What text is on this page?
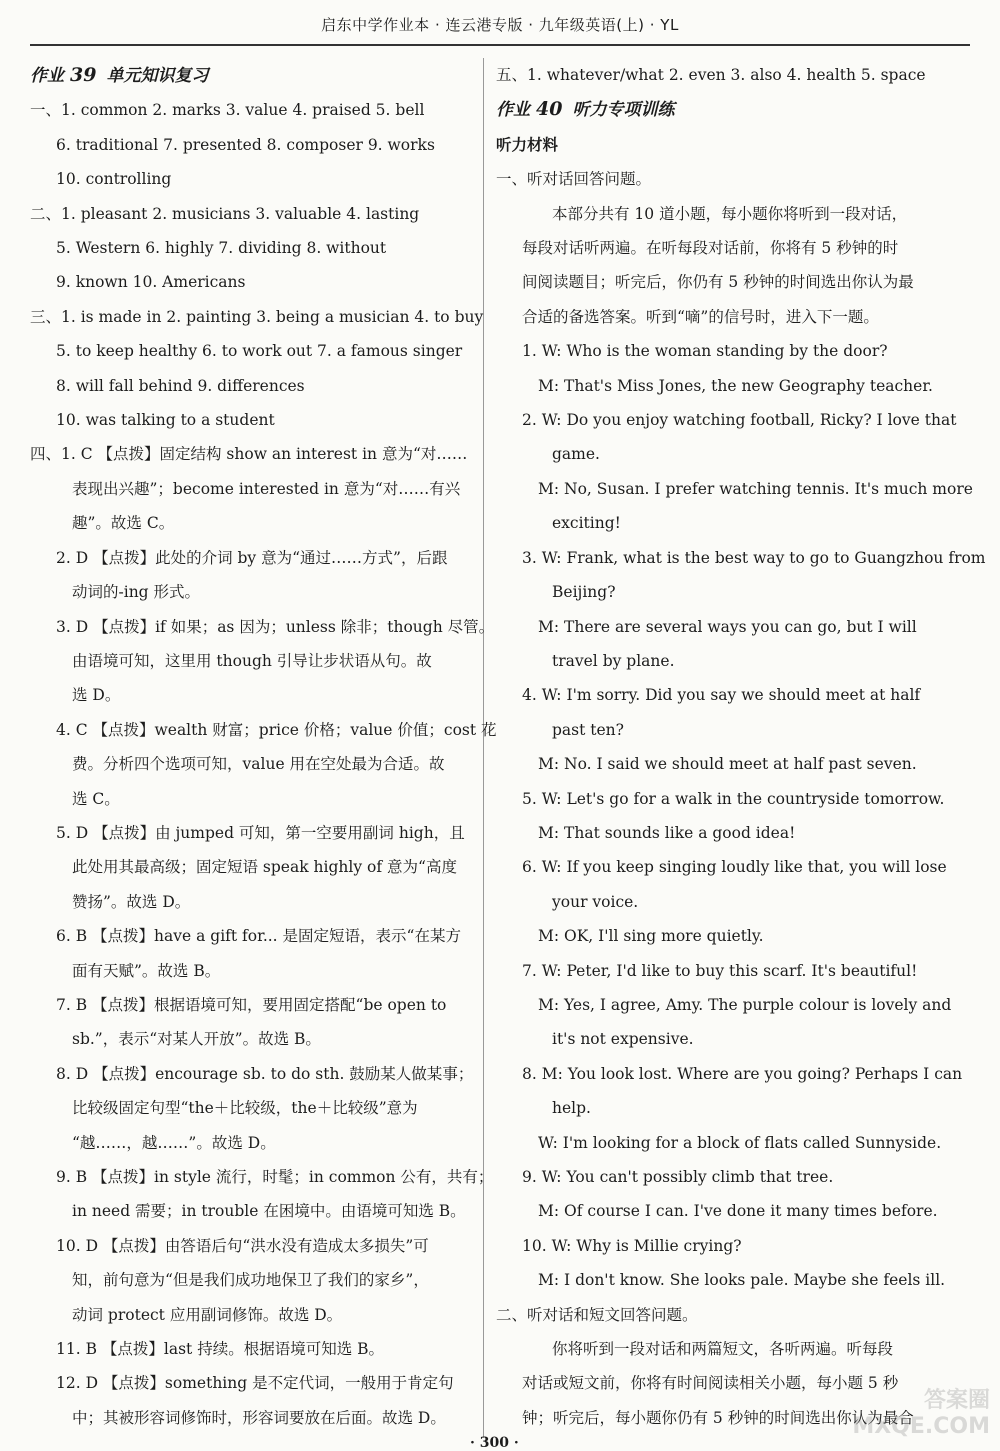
启东中学作业本 · 连云港专版 · 九年级英语(上) · YL
作业 39 单元知识复习
一、1. common 2. marks 3. value 4. praised 5. bell
6. traditional 7. presented 8. composer 9. works
10. controlling
二、1. pleasant 2. musicians 3. valuable 4. lasting
5. Western 6. highly 7. dividing 8. without
9. known 10. Americans
三、1. is made in 2. painting 3. being a musician 4. to buy
5. to keep healthy 6. to work out 7. a famous singer
8. will fall behind 9. differences
10. was talking to a student
四、1. C 【点拨】固定结构 show an interest in 意为“对……
表现出兴趣”；become interested in 意为“对……有兴
趣”。故选 C。
2. D 【点拨】此处的介词 by 意为“通过……方式”，后跟
动词的-ing 形式。
3. D 【点拨】if 如果；as 因为；unless 除非；though 尽管。
由语境可知，这里用 though 引导让步状语从句。故
选 D。
4. C 【点拨】wealth 财富；price 价格；value 价值；cost 花
费。分析四个选项可知，value 用在空处最为合适。故
选 C。
5. D 【点拨】由 jumped 可知，第一空要用副词 high，且
此处用其最高级；固定短语 speak highly of 意为“高度
赞扬”。故选 D。
6. B 【点拨】have a gift for... 是固定短语，表示“在某方
面有天赋”。故选 B。
7. B 【点拨】根据语境可知，要用固定搭配“be open to
sb.”，表示“对某人开放”。故选 B。
8. D 【点拨】encourage sb. to do sth. 鼓励某人做某事；
比较级固定句型“the＋比较级，the＋比较级”意为
“越……，越……”。故选 D。
9. B 【点拨】in style 流行，时髦；in common 公有，共有；
in need 需要；in trouble 在困境中。由语境可知选 B。
10. D 【点拨】由答语后句“洪水没有造成太多损失”可
知，前句意为“但是我们成功地保卫了我们的家乡”，
动词 protect 应用副词修饰。故选 D。
11. B 【点拨】last 持续。根据语境可知选 B。
12. D 【点拨】something 是不定代词，一般用于肯定句
中；其被形容词修饰时，形容词要放在后面。故选 D。
五、1. whatever/what 2. even 3. also 4. health 5. space
作业 40 听力专项训练
听力材料
一、听对话回答问题。
本部分共有 10 道小题，每小题你将听到一段对话，
每段对话听两遍。在听每段对话前，你将有 5 秒钟的时
间阅读题目；听完后，你仍有 5 秒钟的时间选出你认为最
合适的备选答案。听到“嘀”的信号时，进入下一题。
1. W: Who is the woman standing by the door?
M: That's Miss Jones, the new Geography teacher.
2. W: Do you enjoy watching football, Ricky? I love that
game.
M: No, Susan. I prefer watching tennis. It's much more
exciting!
3. W: Frank, what is the best way to go to Guangzhou from
Beijing?
M: There are several ways you can go, but I will
travel by plane.
4. W: I'm sorry. Did you say we should meet at half
past ten?
M: No. I said we should meet at half past seven.
5. W: Let's go for a walk in the countryside tomorrow.
M: That sounds like a good idea!
6. W: If you keep singing loudly like that, you will lose
your voice.
M: OK, I'll sing more quietly.
7. W: Peter, I'd like to buy this scarf. It's beautiful!
M: Yes, I agree, Amy. The purple colour is lovely and
it's not expensive.
8. M: You look lost. Where are you going? Perhaps I can
help.
W: I'm looking for a block of flats called Sunnyside.
9. W: You can't possibly climb that tree.
M: Of course I can. I've done it many times before.
10. W: Why is Millie crying?
M: I don't know. She looks pale. Maybe she feels ill.
二、听对话和短文回答问题。
你将听到一段对话和两篇短文，各听两遍。听每段
对话或短文前，你将有时间阅读相关小题，每小题 5 秒
钟；听完后，每小题你仍有 5 秒钟的时间选出你认为最合
· 300 ·
答案圈 MXQE.COM
